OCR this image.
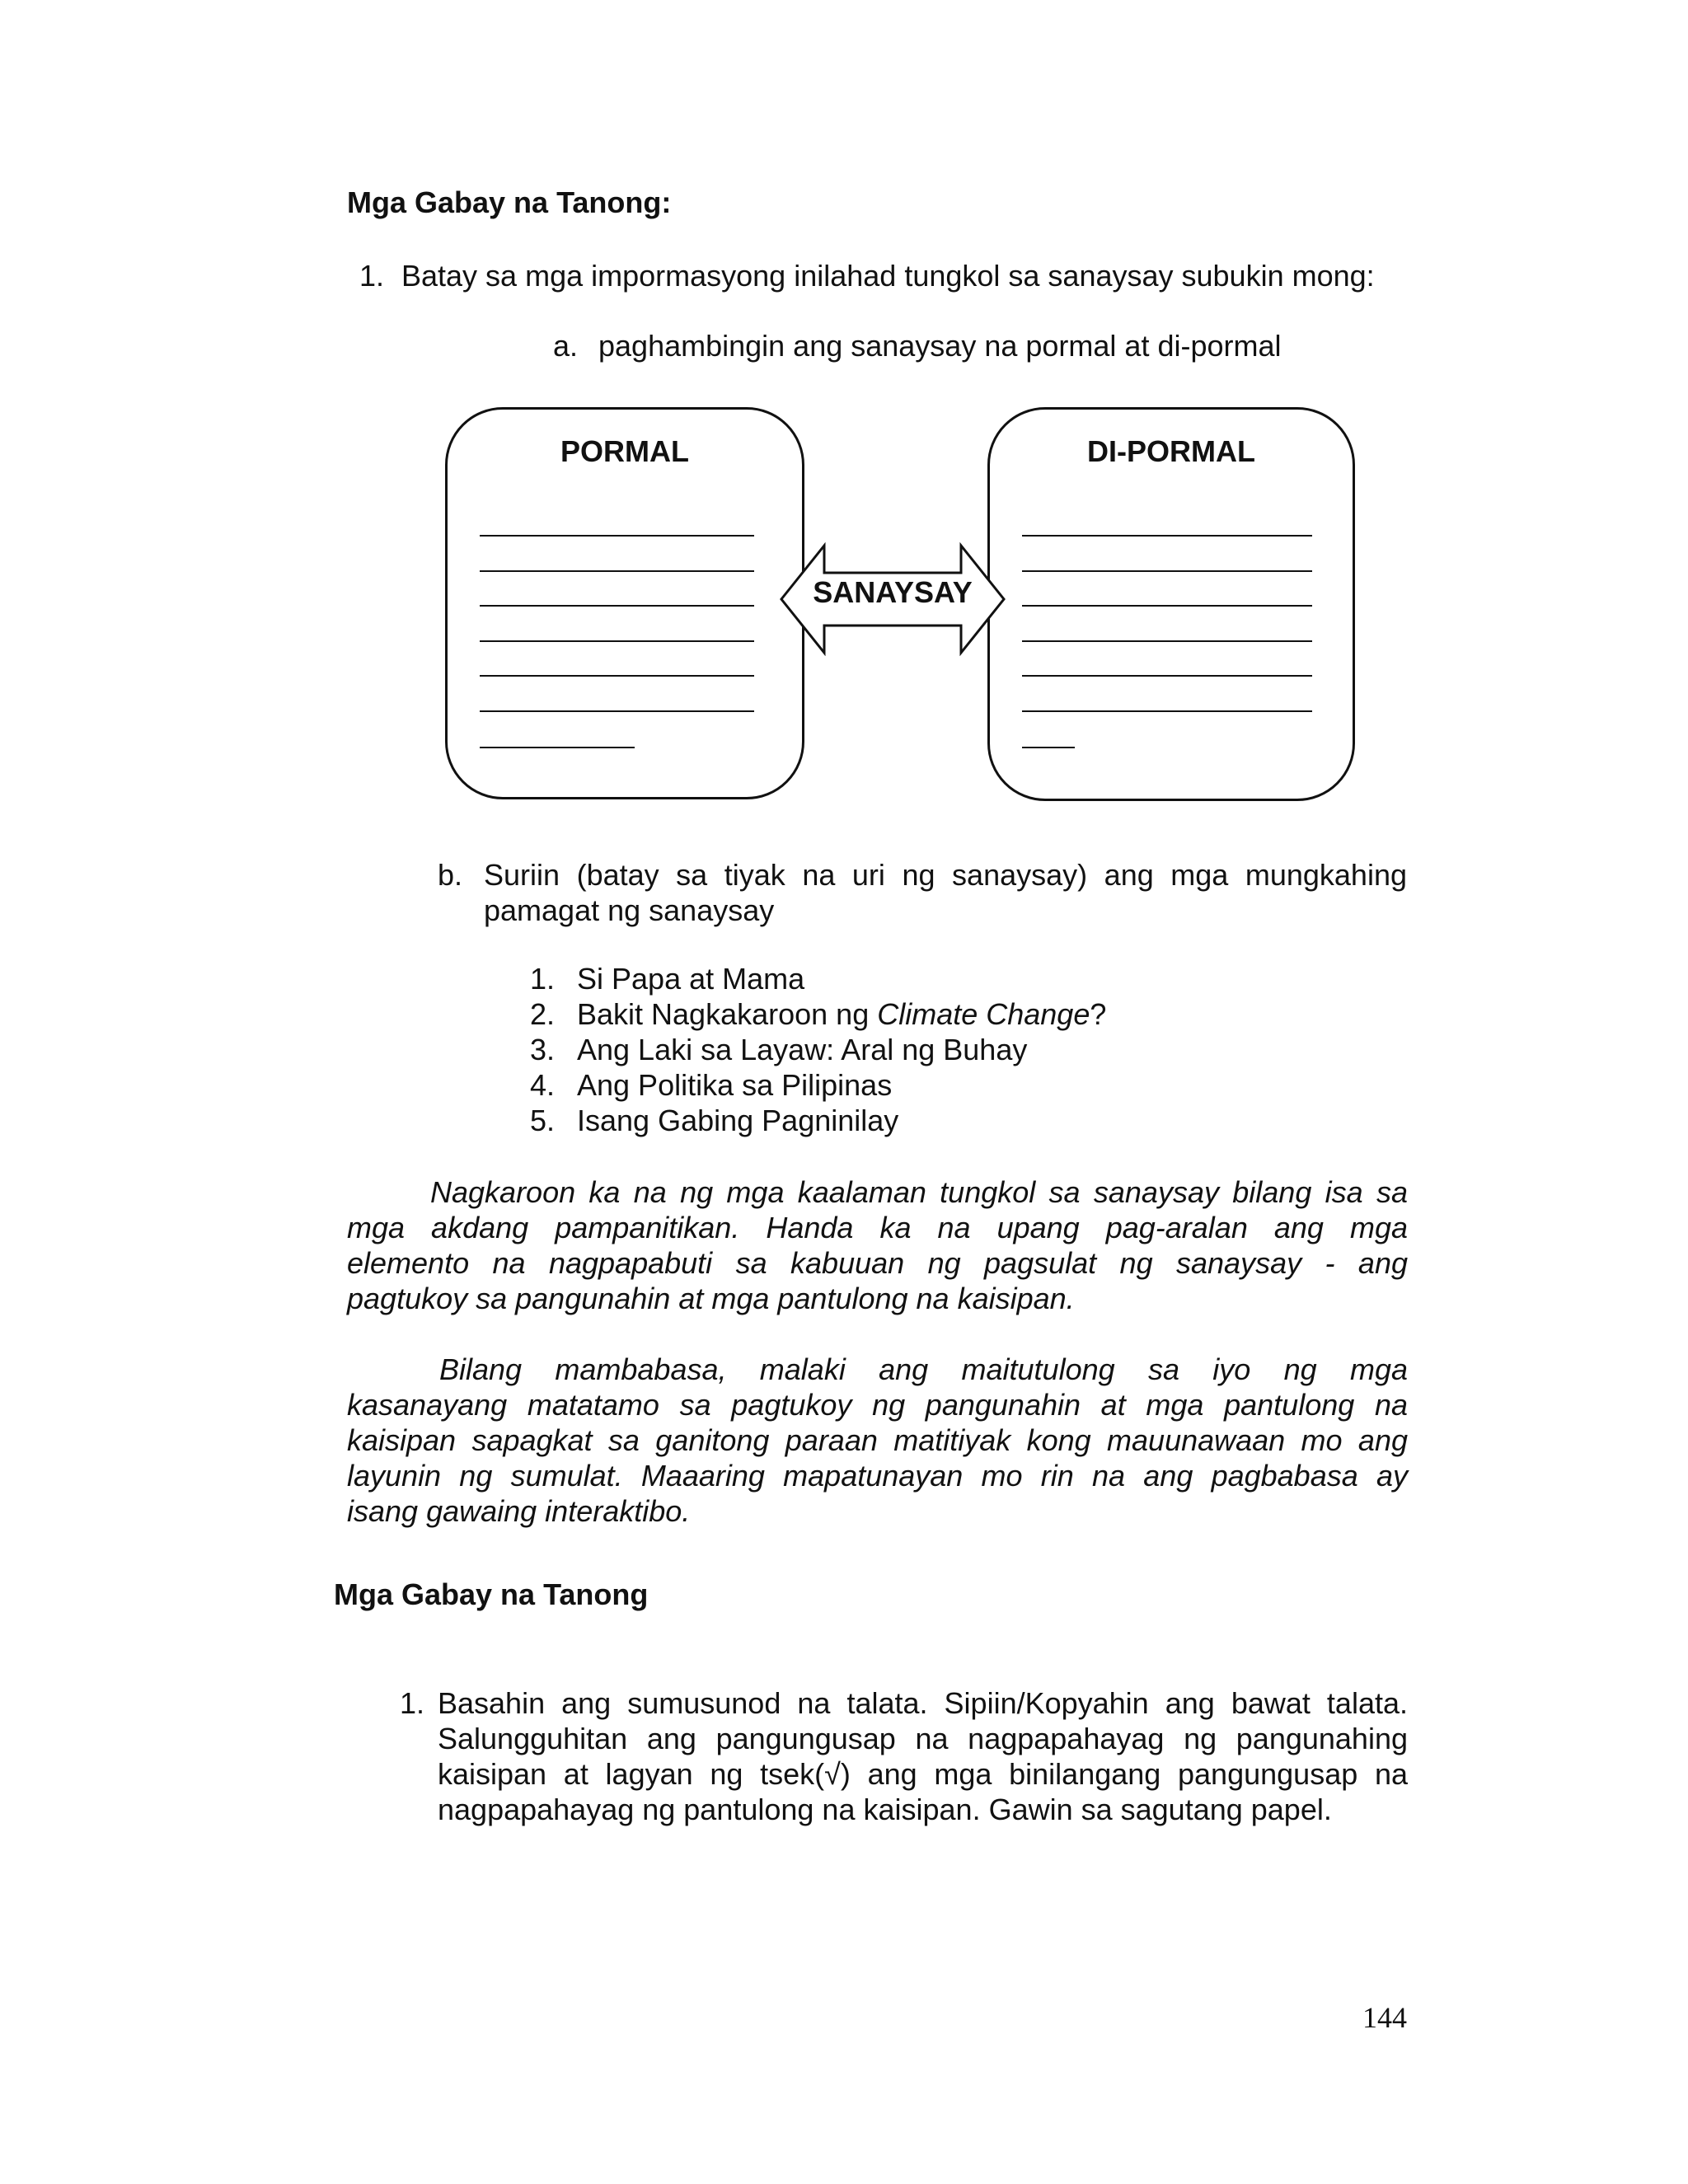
Mga Gabay na Tanong:
1. Batay sa mga impormasyong inilahad tungkol sa sanaysay subukin mong:
a. paghambingin ang sanaysay na pormal at di-pormal
PORMAL	DI-PORMAL
SANAYSAY
b. Suriin (batay sa tiyak na uri ng sanaysay) ang mga mungkahing
pamagat ng sanaysay
1. Si Papa at Mama
2. Bakit Nagkakaroon ng Climate Change?
3. Ang Laki sa Layaw: Aral ng Buhay
4. Ang Politika sa Pilipinas
5. Isang Gabing Pagninilay
Nagkaroon ka na ng mga kaalaman tungkol sa sanaysay bilang isa sa
mga akdang pampanitikan. Handa ka na upang pag-aralan ang mga
elemento na nagpapabuti sa kabuuan ng pagsulat ng sanaysay - ang
pagtukoy sa pangunahin at mga pantulong na kaisipan.
Bilang mambabasa, malaki ang maitutulong sa iyo ng mga
kasanayang matatamo sa pagtukoy ng pangunahin at mga pantulong na
kaisipan sapagkat sa ganitong paraan matitiyak kong mauunawaan mo ang
layunin ng sumulat. Maaaring mapatunayan mo rin na ang pagbabasa ay
isang gawaing interaktibo.
Mga Gabay na Tanong
1. Basahin ang sumusunod na talata. Sipiin/Kopyahin ang bawat talata.
Salungguhitan ang pangungusap na nagpapahayag ng pangunahing
kaisipan at lagyan ng tsek(√) ang mga binilangang pangungusap na
nagpapahayag ng pantulong na kaisipan. Gawin sa sagutang papel.
144
